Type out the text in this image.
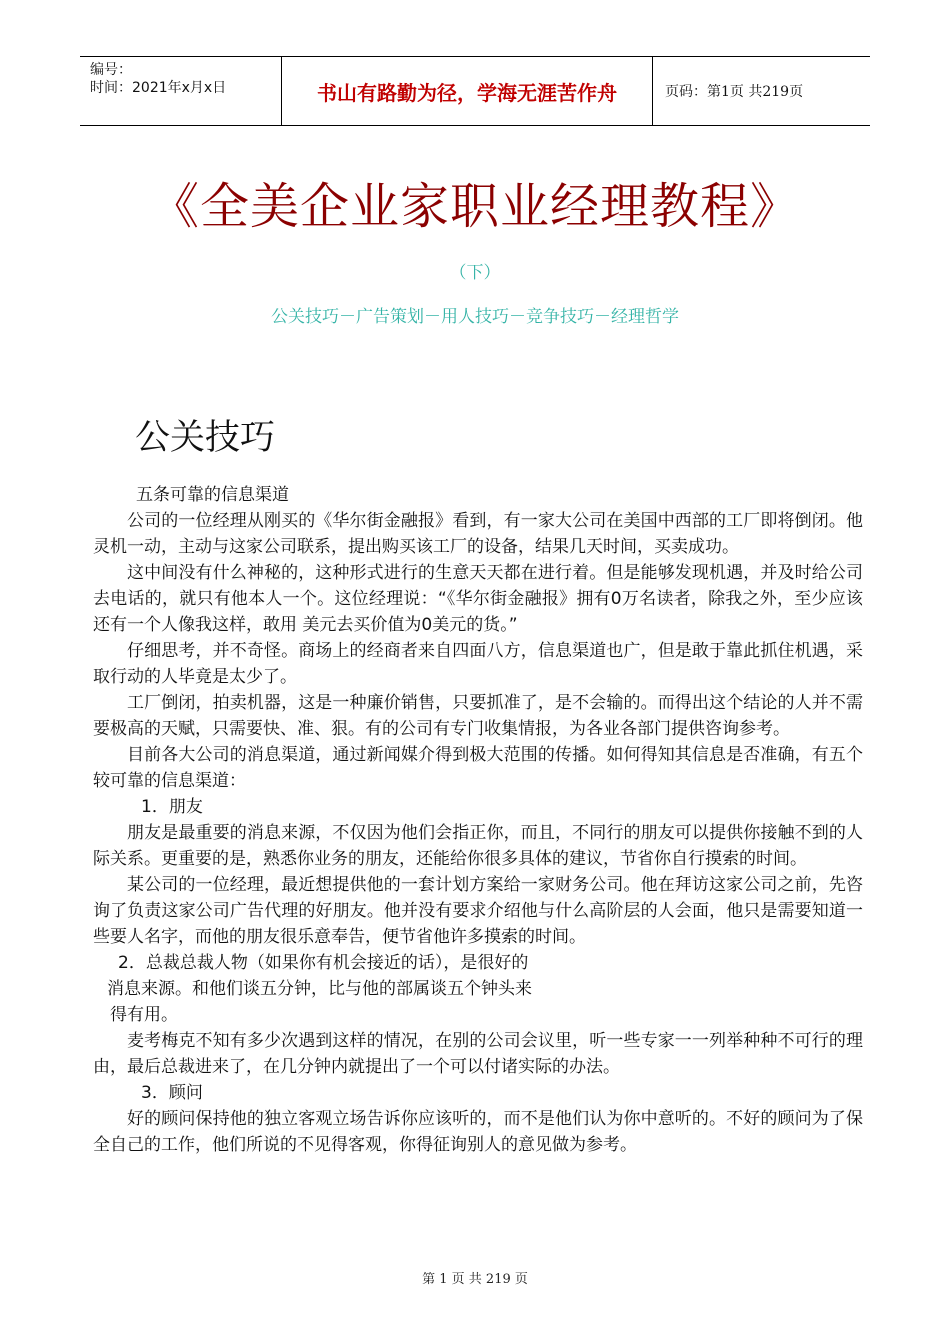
编号：
时间：2021年x月x日	书山有路勤为径，学海无涯苦作舟	页码：第1页 共219页
《全美企业家职业经理教程》
（下）
公关技巧－广告策划－用人技巧－竞争技巧－经理哲学
公关技巧

五条可靠的信息渠道

公司的一位经理从刚买的《华尔街金融报》看到，有一家大公司在美国中西部的工厂即将倒闭。他灵机一动，主动与这家公司联系，提出购买该工厂的设备，结果几天时间，买卖成功。

这中间没有什么神秘的，这种形式进行的生意天天都在进行着。但是能够发现机遇，并及时给公司去电话的，就只有他本人一个。这位经理说：“《华尔街金融报》拥有0万名读者，除我之外，至少应该还有一个人像我这样，敢用 美元去买价值为0美元的货。”

仔细思考，并不奇怪。商场上的经商者来自四面八方，信息渠道也广，但是敢于靠此抓住机遇，采取行动的人毕竟是太少了。

工厂倒闭，拍卖机器，这是一种廉价销售，只要抓准了，是不会输的。而得出这个结论的人并不需要极高的天赋，只需要快、准、狠。有的公司有专门收集情报，为各业各部门提供咨询参考。

目前各大公司的消息渠道，通过新闻媒介得到极大范围的传播。如何得知其信息是否准确，有五个较可靠的信息渠道：

1．朋友

朋友是最重要的消息来源，不仅因为他们会指正你，而且，不同行的朋友可以提供你接触不到的人际关系。更重要的是，熟悉你业务的朋友，还能给你很多具体的建议，节省你自行摸索的时间。

某公司的一位经理，最近想提供他的一套计划方案给一家财务公司。他在拜访这家公司之前，先咨询了负责这家公司广告代理的好朋友。他并没有要求介绍他与什么高阶层的人会面，他只是需要知道一些要人名字，而他的朋友很乐意奉告，便节省他许多摸索的时间。

2．总裁总裁人物（如果你有机会接近的话），是很好的

消息来源。和他们谈五分钟，比与他的部属谈五个钟头来

得有用。

麦考梅克不知有多少次遇到这样的情况，在别的公司会议里，听一些专家一一列举种种不可行的理由，最后总裁进来了，在几分钟内就提出了一个可以付诸实际的办法。

3．顾问

好的顾问保持他的独立客观立场告诉你应该听的，而不是他们认为你中意听的。不好的顾问为了保全自己的工作，他们所说的不见得客观，你得征询别人的意见做为参考。

第 1 页 共 219 页
